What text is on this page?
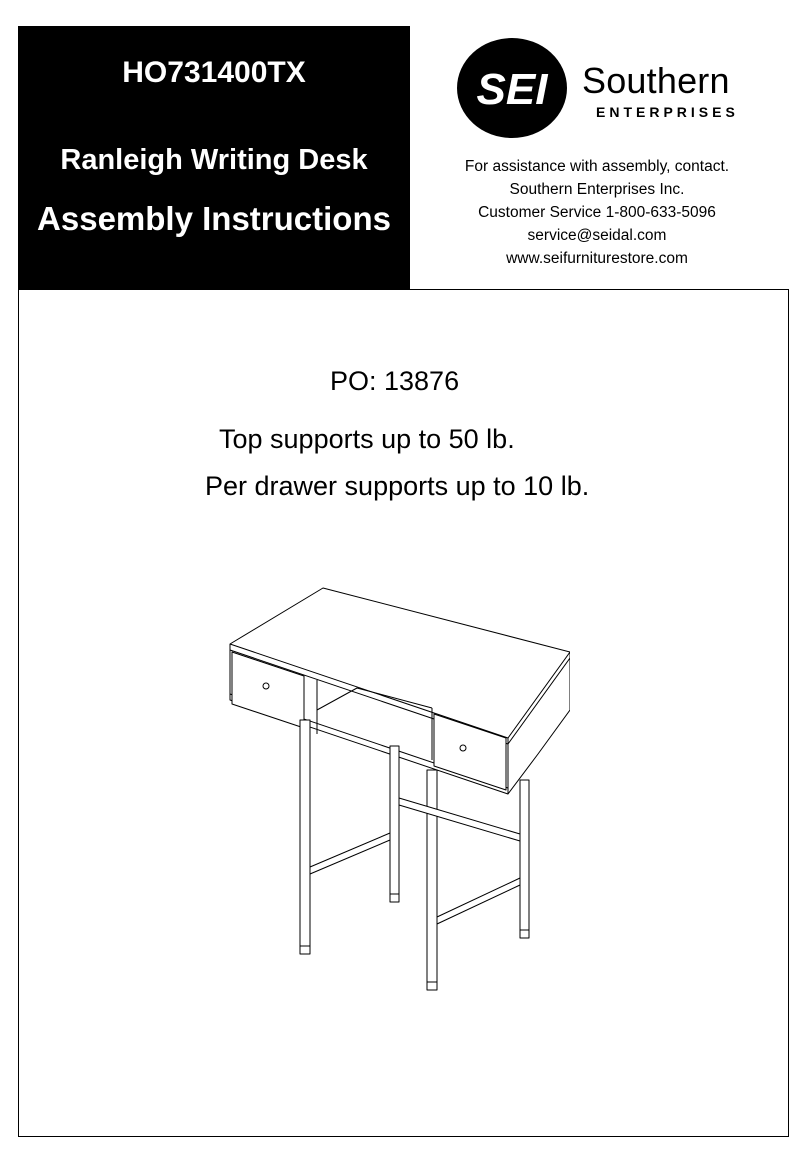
HO731400TX
Ranleigh Writing Desk
Assembly Instructions
SEI Southern
ENTERPRISES
For assistance with assembly, contact.
Southern Enterprises Inc.
Customer Service 1-800-633-5096
service@seidal.com
www.seifurniturestore.com
PO: 13876
Top supports up to 50 lb.
Per drawer supports up to 10 lb.
